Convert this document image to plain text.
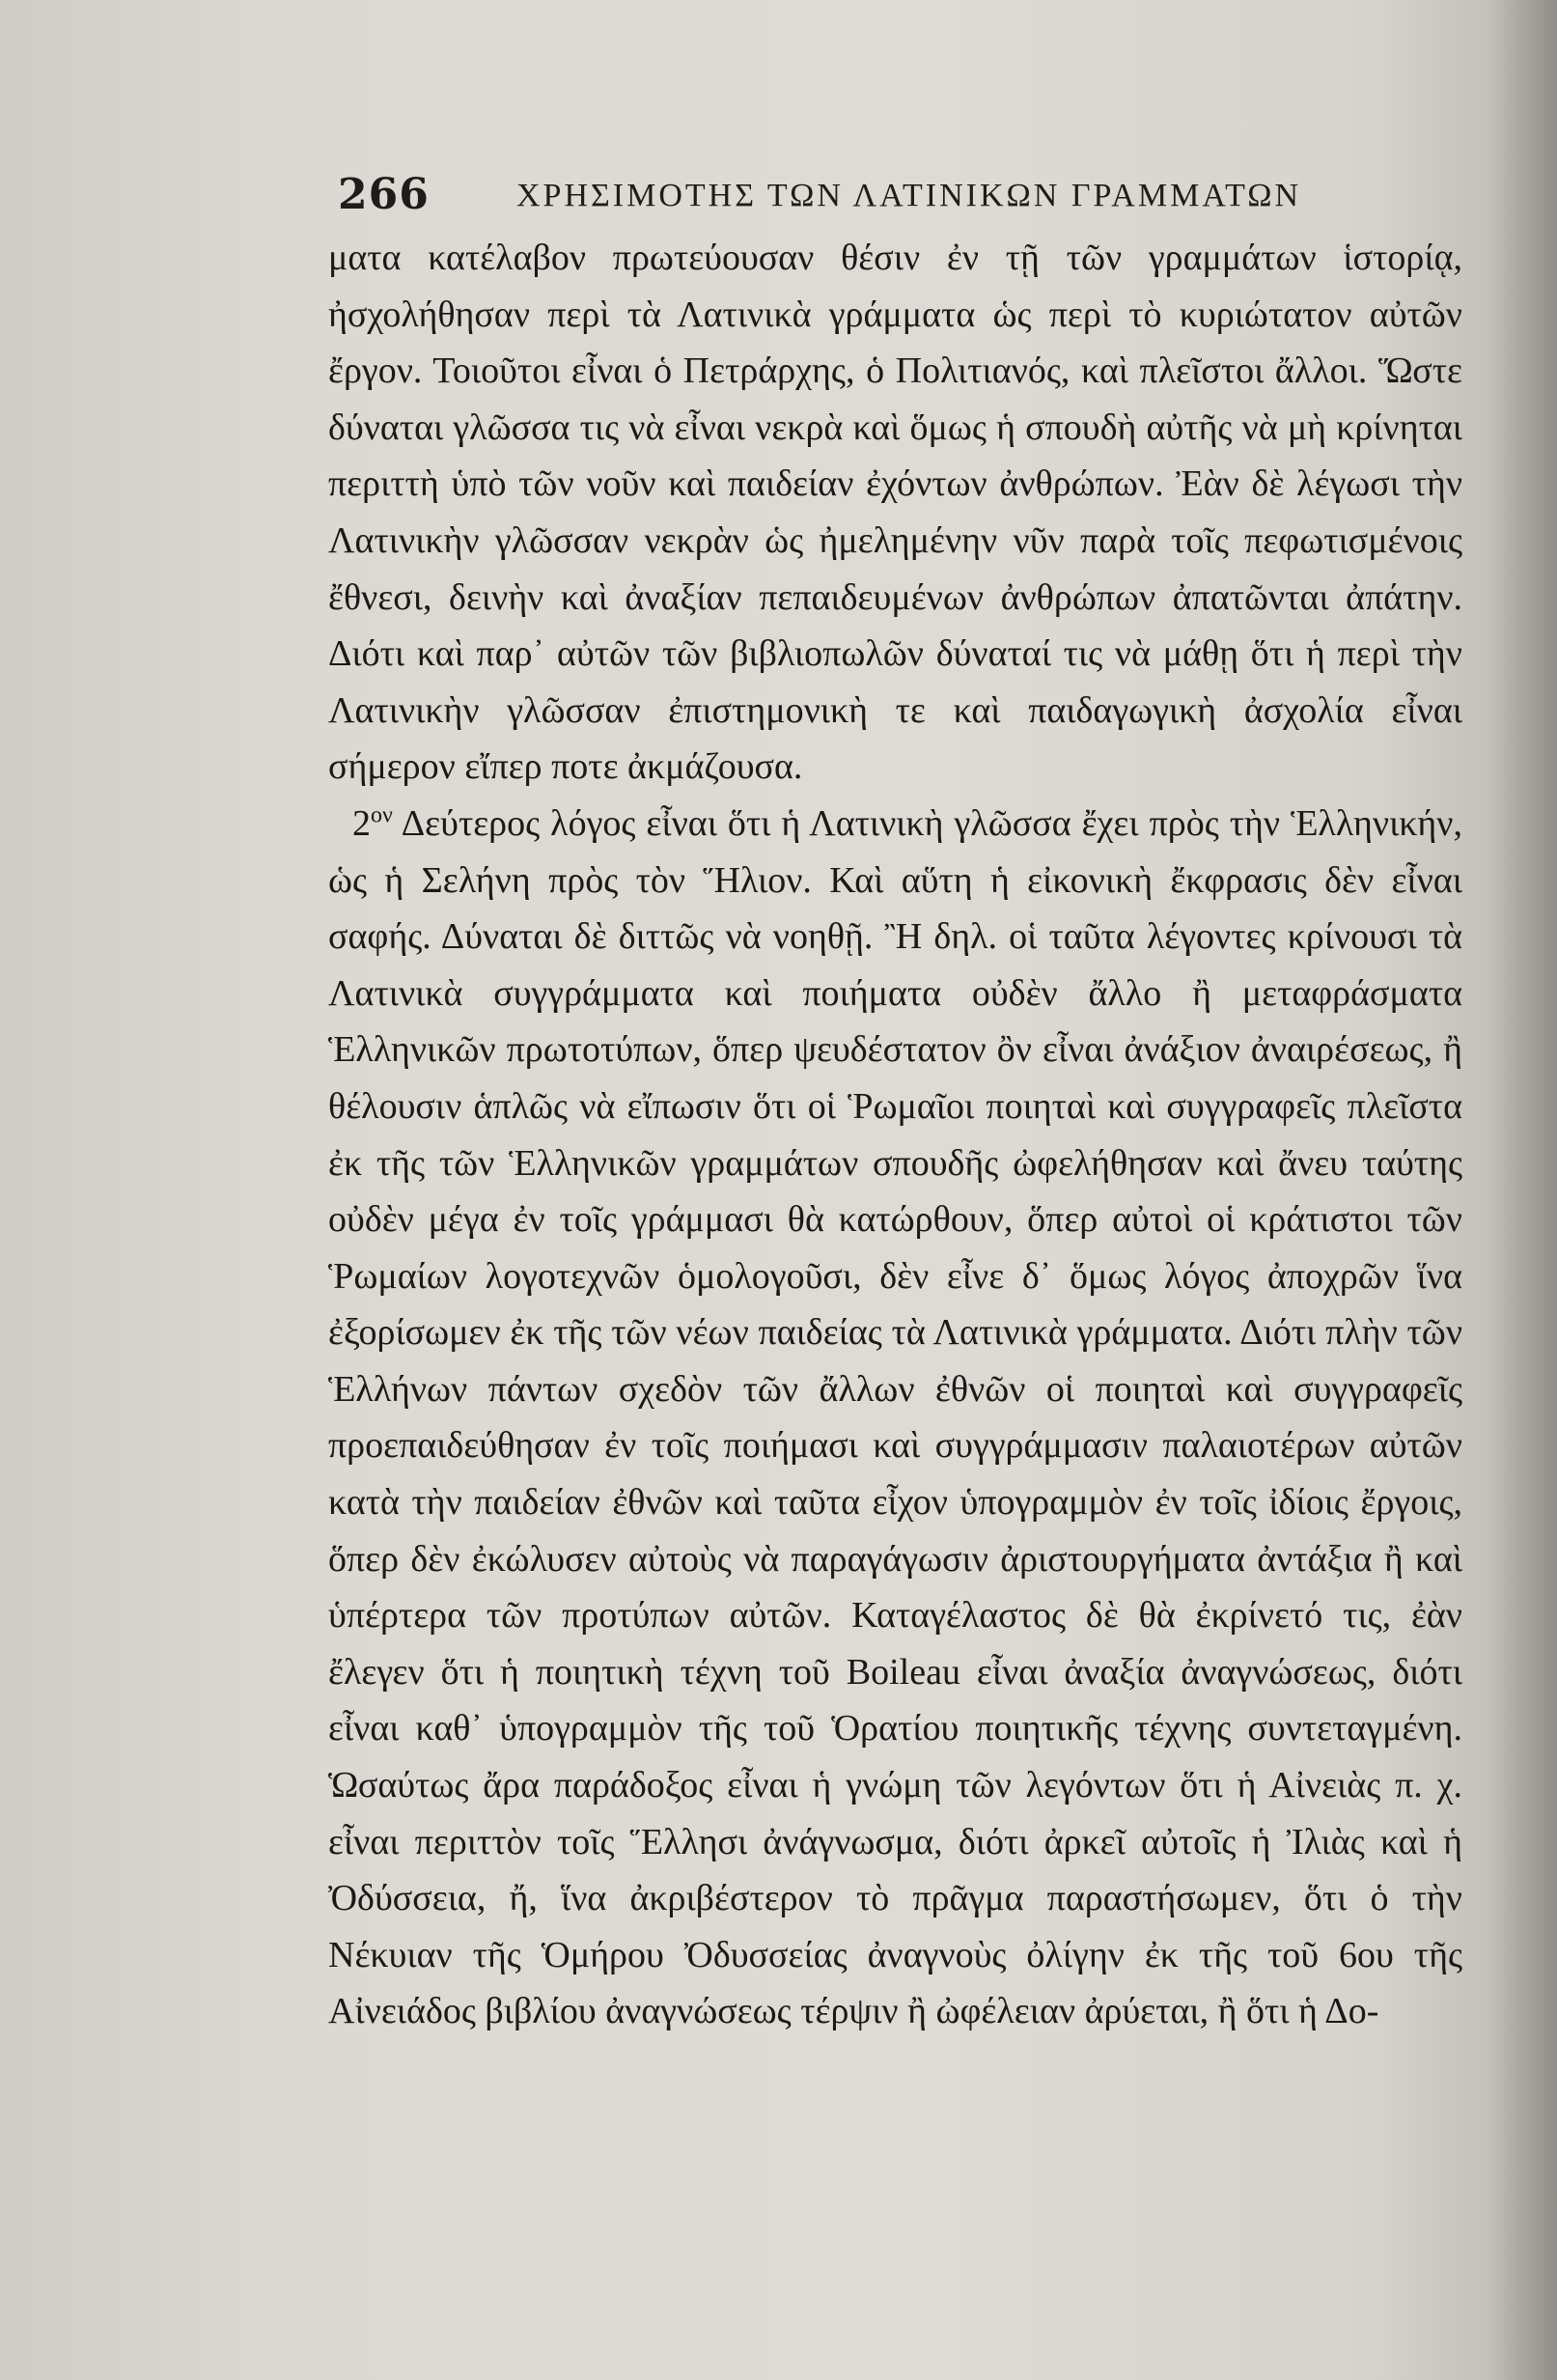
266	ΧΡΗΣΙΜΟΤΗΣ ΤΩΝ ΛΑΤΙΝΙΚΩΝ ΓΡΑΜΜΑΤΩΝ

ματα κατέλαβον πρωτεύουσαν θέσιν ἐν τῇ τῶν γραμμάτων ἱστορίᾳ, ἠσχολήθησαν περὶ τὰ Λατινικὰ γράμματα ὡς περὶ τὸ κυριώτατον αὐτῶν ἔργον. Τοιοῦτοι εἶναι ὁ Πετράρχης, ὁ Πολιτιανός, καὶ πλεῖστοι ἄλλοι. Ὥστε δύναται γλῶσσα τις νὰ εἶναι νεκρὰ καὶ ὅμως ἡ σπουδὴ αὐτῆς νὰ μὴ κρίνηται περιττὴ ὑπὸ τῶν νοῦν καὶ παιδείαν ἐχόντων ἀνθρώπων. Ἐὰν δὲ λέγωσι τὴν Λατινικὴν γλῶσσαν νεκρὰν ὡς ἠμελημένην νῦν παρὰ τοῖς πεφωτισμένοις ἔθνεσι, δεινὴν καὶ ἀναξίαν πεπαιδευμένων ἀνθρώπων ἀπατῶνται ἀπάτην. Διότι καὶ παρ᾿ αὐτῶν τῶν βιβλιοπωλῶν δύναταί τις νὰ μάθῃ ὅτι ἡ περὶ τὴν Λατινικὴν γλῶσσαν ἐπιστημονικὴ τε καὶ παιδαγωγικὴ ἀσχολία εἶναι σήμερον εἴπερ ποτε ἀκμάζουσα.

$2^{o\nu}$ Δεύτερος λόγος εἶναι ὅτι ἡ Λατινικὴ γλῶσσα ἔχει πρὸς τὴν Ἑλληνικήν, ὡς ἡ Σελήνη πρὸς τὸν Ἥλιον. Καὶ αὕτη ἡ εἰκονικὴ ἔκφρασις δὲν εἶναι σαφής. Δύναται δὲ διττῶς νὰ νοηθῇ. Ἢ δηλ. οἱ ταῦτα λέγοντες κρίνουσι τὰ Λατινικὰ συγγράμματα καὶ ποιήματα οὐδὲν ἄλλο ἢ μεταφράσματα Ἑλληνικῶν πρωτοτύπων, ὅπερ ψευδέστατον ὂν εἶναι ἀνάξιον ἀναιρέσεως, ἢ θέλουσιν ἁπλῶς νὰ εἴπωσιν ὅτι οἱ Ῥωμαῖοι ποιηταὶ καὶ συγγραφεῖς πλεῖστα ἐκ τῆς τῶν Ἑλληνικῶν γραμμάτων σπουδῆς ὠφελήθησαν καὶ ἄνευ ταύτης οὐδὲν μέγα ἐν τοῖς γράμμασι θὰ κατώρθουν, ὅπερ αὐτοὶ οἱ κράτιστοι τῶν Ῥωμαίων λογοτεχνῶν ὁμολογοῦσι, δὲν εἶνε δ᾿ ὅμως λόγος ἀποχρῶν ἵνα ἐξορίσωμεν ἐκ τῆς τῶν νέων παιδείας τὰ Λατινικὰ γράμματα. Διότι πλὴν τῶν Ἑλλήνων πάντων σχεδὸν τῶν ἄλλων ἐθνῶν οἱ ποιηταὶ καὶ συγγραφεῖς προεπαιδεύθησαν ἐν τοῖς ποιήμασι καὶ συγγράμμασιν παλαιοτέρων αὐτῶν κατὰ τὴν παιδείαν ἐθνῶν καὶ ταῦτα εἶχον ὑπογραμμὸν ἐν τοῖς ἰδίοις ἔργοις, ὅπερ δὲν ἐκώλυσεν αὐτοὺς νὰ παραγάγωσιν ἀριστουργήματα ἀντάξια ἢ καὶ ὑπέρτερα τῶν προτύπων αὐτῶν. Καταγέλαστος δὲ θὰ ἐκρίνετό τις, ἐὰν ἔλεγεν ὅτι ἡ ποιητικὴ τέχνη τοῦ Boileau εἶναι ἀναξία ἀναγνώσεως, διότι εἶναι καθ᾿ ὑπογραμμὸν τῆς τοῦ Ὁρατίου ποιητικῆς τέχνης συντεταγμένη. Ὡσαύτως ἄρα παράδοξος εἶναι ἡ γνώμη τῶν λεγόντων ὅτι ἡ Αἰνειὰς π. χ. εἶναι περιττὸν τοῖς Ἕλλησι ἀνάγνωσμα, διότι ἀρκεῖ αὐτοῖς ἡ Ἰλιὰς καὶ ἡ Ὀδύσσεια, ἤ, ἵνα ἀκριβέστερον τὸ πρᾶγμα παραστήσωμεν, ὅτι ὁ τὴν Νέκυιαν τῆς Ὁμήρου Ὀδυσσείας ἀναγνοὺς ὀλίγην ἐκ τῆς τοῦ 6ου τῆς Αἰνειάδος βιβλίου ἀναγνώσεως τέρψιν ἢ ὠφέλειαν ἀρύεται, ἢ ὅτι ἡ Δο-
